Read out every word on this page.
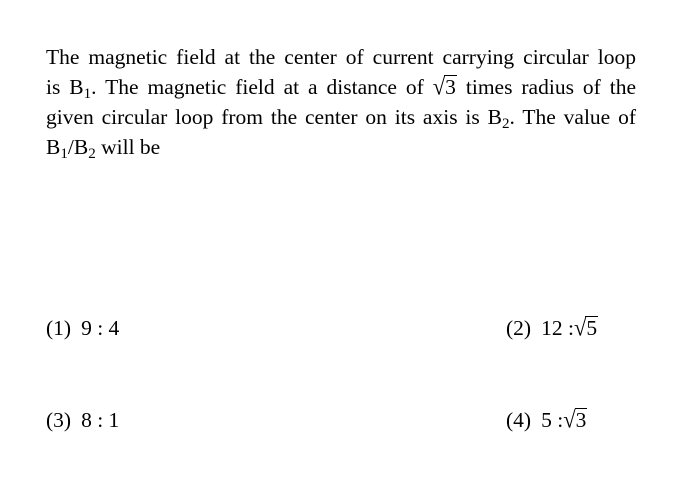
The magnetic field at the center of current carrying circular loop
is $B_1$. The magnetic field at a distance of √3 times radius of the
given circular loop from the center on its axis is $B_2$. The value of
$B_1/B_2$ will be
(1) 9 : 4	(2) 12 :√5
(3) 8 : 1	(4) 5 :√3
